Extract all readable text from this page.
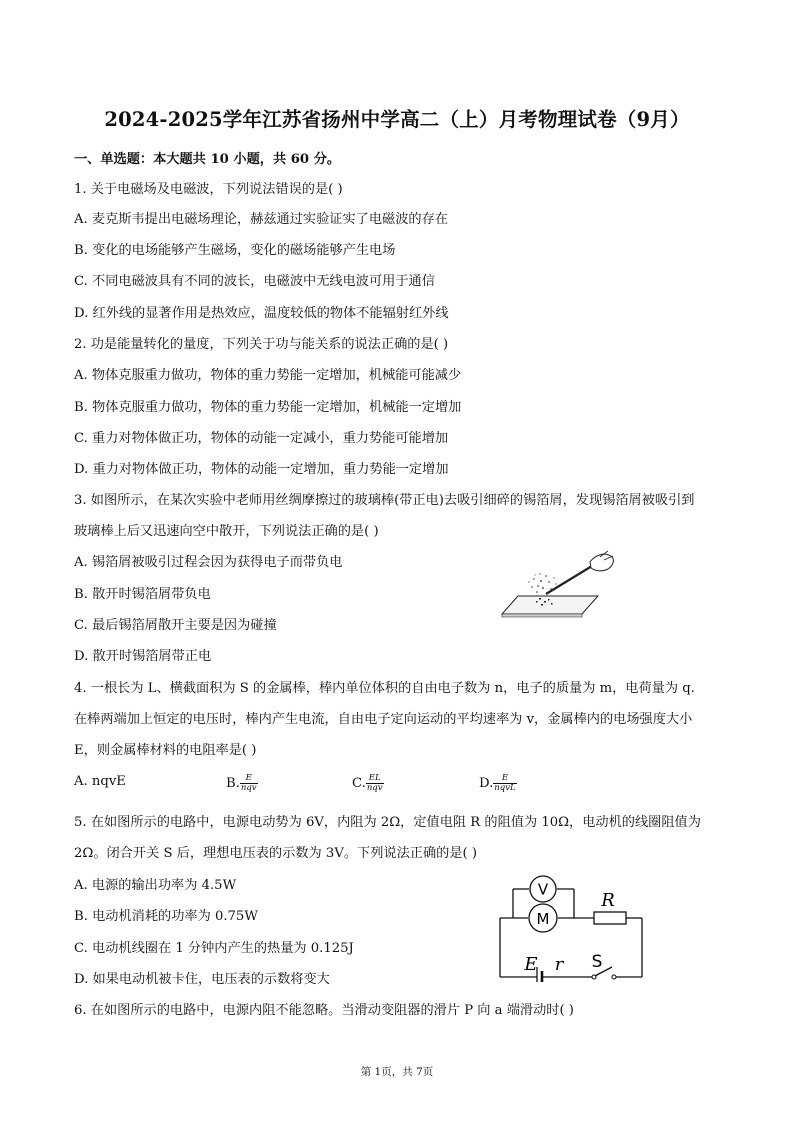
2024-2025学年江苏省扬州中学高二（上）月考物理试卷（9月）
一、单选题：本大题共 10 小题，共 60 分。
1. 关于电磁场及电磁波，下列说法错误的是( )
A. 麦克斯韦提出电磁场理论，赫兹通过实验证实了电磁波的存在
B. 变化的电场能够产生磁场，变化的磁场能够产生电场
C. 不同电磁波具有不同的波长，电磁波中无线电波可用于通信
D. 红外线的显著作用是热效应，温度较低的物体不能辐射红外线
2. 功是能量转化的量度，下列关于功与能关系的说法正确的是( )
A. 物体克服重力做功，物体的重力势能一定增加，机械能可能减少
B. 物体克服重力做功，物体的重力势能一定增加，机械能一定增加
C. 重力对物体做正功，物体的动能一定减小，重力势能可能增加
D. 重力对物体做正功，物体的动能一定增加，重力势能一定增加
3. 如图所示，在某次实验中老师用丝绸摩擦过的玻璃棒(带正电)去吸引细碎的锡箔屑，发现锡箔屑被吸引到
玻璃棒上后又迅速向空中散开，下列说法正确的是( )
A. 锡箔屑被吸引过程会因为获得电子而带负电
B. 散开时锡箔屑带负电
C. 最后锡箔屑散开主要是因为碰撞
D. 散开时锡箔屑带正电
4. 一根长为 L、横截面积为 S 的金属棒，棒内单位体积的自由电子数为 n，电子的质量为 m，电荷量为 q.
在棒两端加上恒定的电压时，棒内产生电流，自由电子定向运动的平均速率为 v，金属棒内的电场强度大小
E，则金属棒材料的电阻率是( )
A. nqvE	B. $\frac{E}{\text{nqv}}$	C. $\frac{EL}{\text{nqv}}$	D. $\frac{E}{\text{nqvL}}$
5. 在如图所示的电路中，电源电动势为 6V，内阻为 2Ω，定值电阻 R 的阻值为 10Ω，电动机的线圈阻值为
2Ω。闭合开关 S 后，理想电压表的示数为 3V。下列说法正确的是( )
A. 电源的输出功率为 4.5W
B. 电动机消耗的功率为 0.75W
C. 电动机线圈在 1 分钟内产生的热量为 0.125J
D. 如果电动机被卡住，电压表的示数将变大
6. 在如图所示的电路中，电源内阻不能忽略。当滑动变阻器的滑片 P 向 a 端滑动时( )
V
M
R
E r S
第 1页，共 7页
